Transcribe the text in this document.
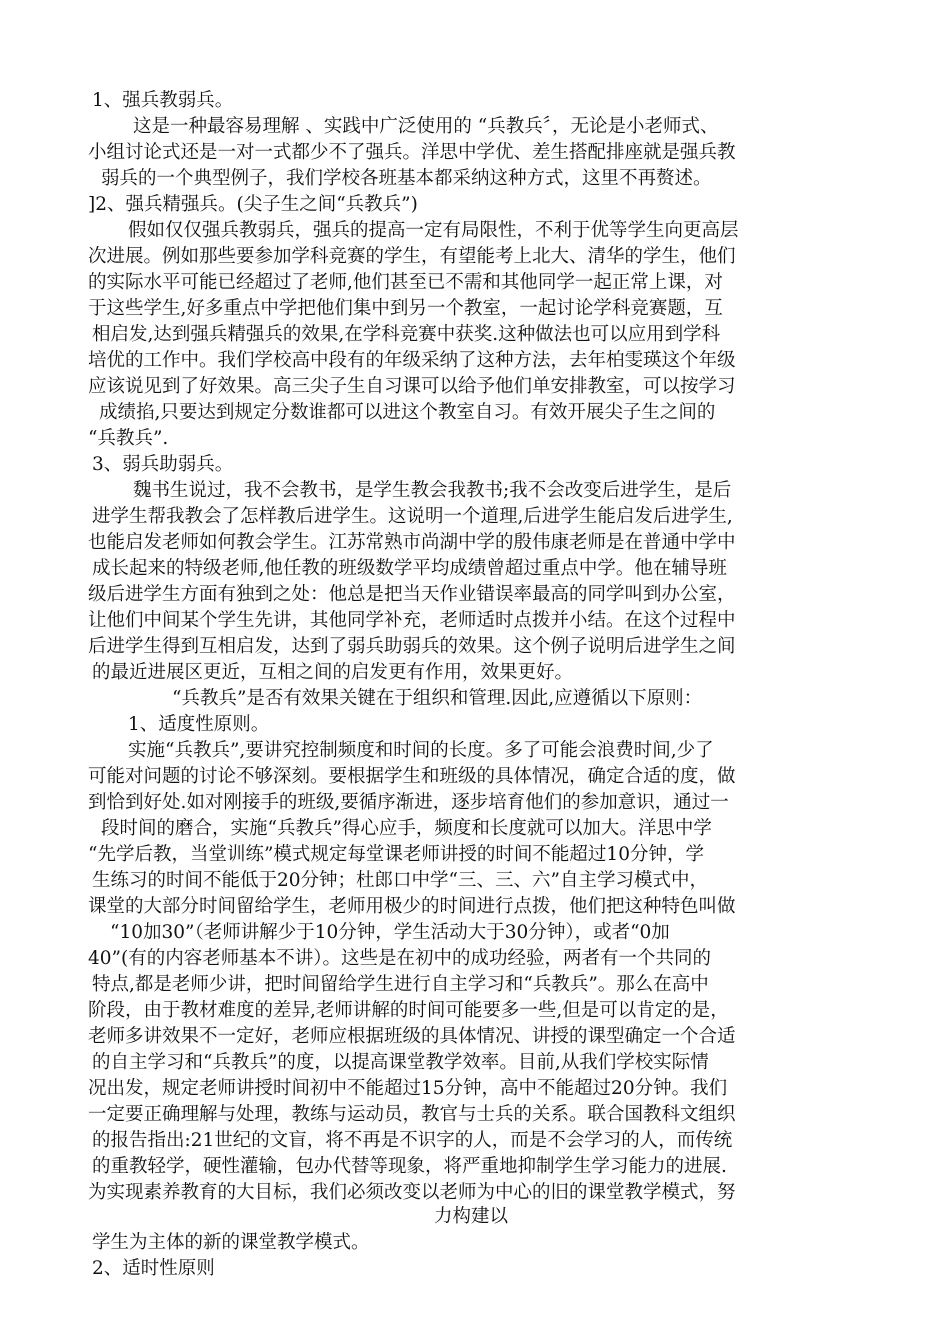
1、强兵教弱兵。
这是一种最容易理解 、实践中广泛使用的 “兵教兵〞，无论是小老师式、
小组讨论式还是一对一式都少不了强兵。洋思中学优、差生搭配排座就是强兵教
弱兵的一个典型例子，我们学校各班基本都采纳这种方式，这里不再赘述。
]2、强兵精强兵。(尖子生之间“兵教兵”)
假如仅仅强兵教弱兵，强兵的提高一定有局限性，不利于优等学生向更高层
次进展。例如那些要参加学科竞赛的学生，有望能考上北大、清华的学生，他们
的实际水平可能已经超过了老师,他们甚至已不需和其他同学一起正常上课，对
于这些学生,好多重点中学把他们集中到另一个教室，一起讨论学科竞赛题，互
相启发,达到强兵精强兵的效果,在学科竞赛中获奖.这种做法也可以应用到学科
培优的工作中。我们学校高中段有的年级采纳了这种方法，去年柏雯瑛这个年级
应该说见到了好效果。高三尖子生自习课可以给予他们单安排教室，可以按学习
成绩掐,只要达到规定分数谁都可以进这个教室自习。有效开展尖子生之间的
“兵教兵”.
3、弱兵助弱兵。
魏书生说过，我不会教书，是学生教会我教书;我不会改变后进学生，是后
进学生帮我教会了怎样教后进学生。这说明一个道理,后进学生能启发后进学生,
也能启发老师如何教会学生。江苏常熟市尚湖中学的殷伟康老师是在普通中学中
成长起来的特级老师,他任教的班级数学平均成绩曾超过重点中学。他在辅导班
级后进学生方面有独到之处：他总是把当天作业错误率最高的同学叫到办公室，
让他们中间某个学生先讲，其他同学补充，老师适时点拨并小结。在这个过程中
后进学生得到互相启发，达到了弱兵助弱兵的效果。这个例子说明后进学生之间
的最近进展区更近，互相之间的启发更有作用，效果更好。
“兵教兵”是否有效果关键在于组织和管理.因此,应遵循以下原则：
1、适度性原则。
实施“兵教兵”,要讲究控制频度和时间的长度。多了可能会浪费时间,少了
可能对问题的讨论不够深刻。要根据学生和班级的具体情况，确定合适的度，做
到恰到好处.如对刚接手的班级,要循序渐进，逐步培育他们的参加意识，通过一
段时间的磨合，实施“兵教兵”得心应手，频度和长度就可以加大。洋思中学
“先学后教，当堂训练”模式规定每堂课老师讲授的时间不能超过10分钟，学
生练习的时间不能低于20分钟；杜郎口中学“三、三、六”自主学习模式中，
课堂的大部分时间留给学生，老师用极少的时间进行点拨，他们把这种特色叫做
“10加30”（老师讲解少于10分钟，学生活动大于30分钟），或者“0加
40”(有的内容老师基本不讲）。这些是在初中的成功经验，两者有一个共同的
特点,都是老师少讲，把时间留给学生进行自主学习和“兵教兵”。那么在高中
阶段，由于教材难度的差异,老师讲解的时间可能要多一些,但是可以肯定的是，
老师多讲效果不一定好，老师应根据班级的具体情况、讲授的课型确定一个合适
的自主学习和“兵教兵”的度，以提高课堂教学效率。目前,从我们学校实际情
况出发，规定老师讲授时间初中不能超过15分钟，高中不能超过20分钟。我们
一定要正确理解与处理，教练与运动员，教官与士兵的关系。联合国教科文组织
的报告指出:21世纪的文盲，将不再是不识字的人，而是不会学习的人，而传统
的重教轻学，硬性灌输，包办代替等现象，将严重地抑制学生学习能力的进展.
为实现素养教育的大目标，我们必须改变以老师为中心的旧的课堂教学模式，努
力构建以
学生为主体的新的课堂教学模式。
2、适时性原则
